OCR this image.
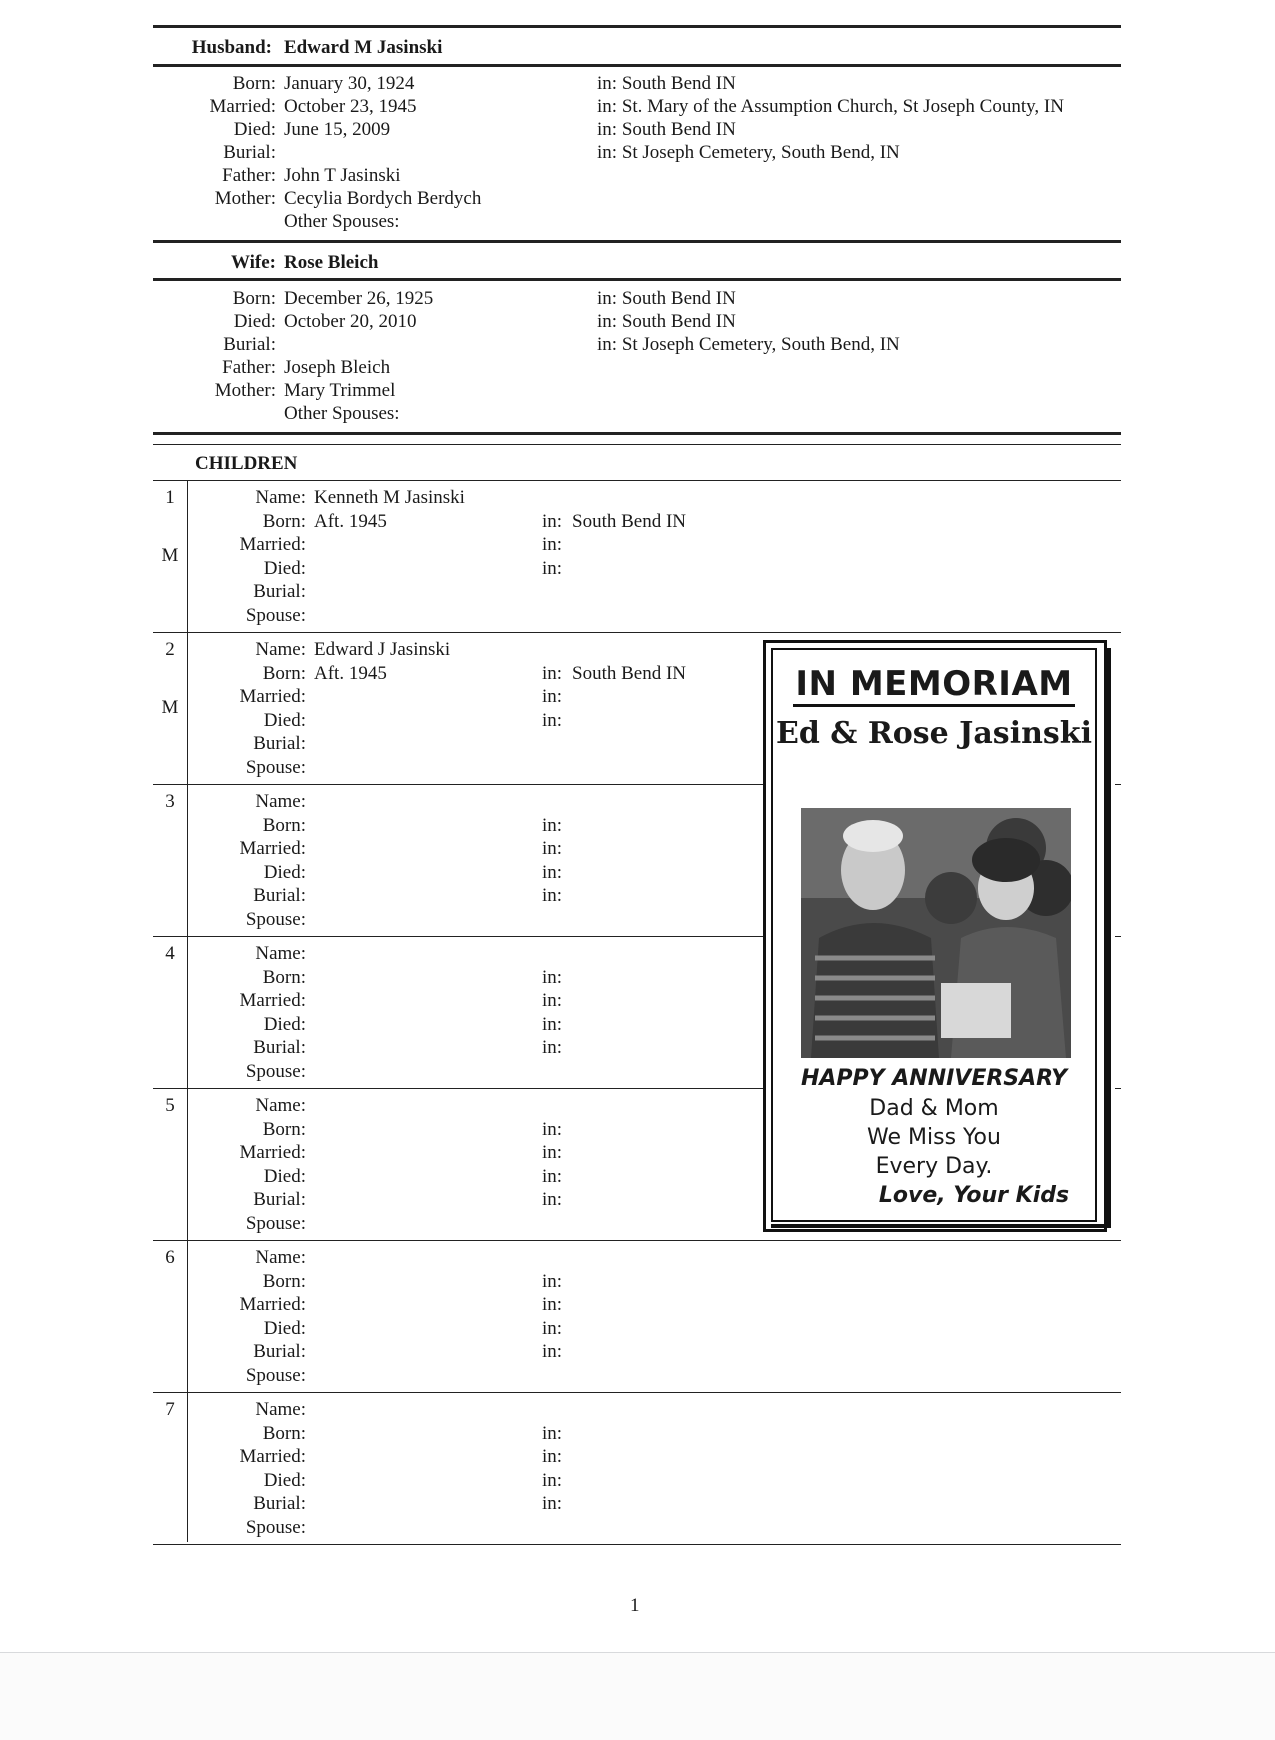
Husband: Edward M Jasinski
Born: January 30, 1924	in: South Bend IN
Married: October 23, 1945	in: St. Mary of the Assumption Church, St Joseph County, IN
Died: June 15, 2009	in: South Bend IN
Burial:	in: St Joseph Cemetery, South Bend, IN
Father: John T Jasinski
Mother: Cecylia Bordych Berdych
Other Spouses:
Wife: Rose Bleich
Born: December 26, 1925	in: South Bend IN
Died: October 20, 2010	in: South Bend IN
Burial:	in: St Joseph Cemetery, South Bend, IN
Father: Joseph Bleich
Mother: Mary Trimmel
Other Spouses:
CHILDREN
1
M
Name: Kenneth M Jasinski
Born: Aft. 1945	in: South Bend IN
Married:	in:
Died:	in:
Burial:
Spouse:
2
M
Name: Edward J Jasinski
Born: Aft. 1945	in: South Bend IN
Married:	in:
Died:	in:
Burial:
Spouse:
3	Name:
Born:	in:
Married:	in:
Died:	in:
Burial:	in:
Spouse:
4	Name:
Born:	in:
Married:	in:
Died:	in:
Burial:	in:
Spouse:
5	Name:
Born:	in:
Married:	in:
Died:	in:
Burial:	in:
Spouse:
6	Name:
Born:	in:
Married:	in:
Died:	in:
Burial:	in:
Spouse:
7	Name:
Born:	in:
Married:	in:
Died:	in:
Burial:	in:
Spouse:
IN MEMORIAM
Ed & Rose Jasinski
HAPPY ANNIVERSARY
Dad & Mom
We Miss You
Every Day.
Love, Your Kids
1
